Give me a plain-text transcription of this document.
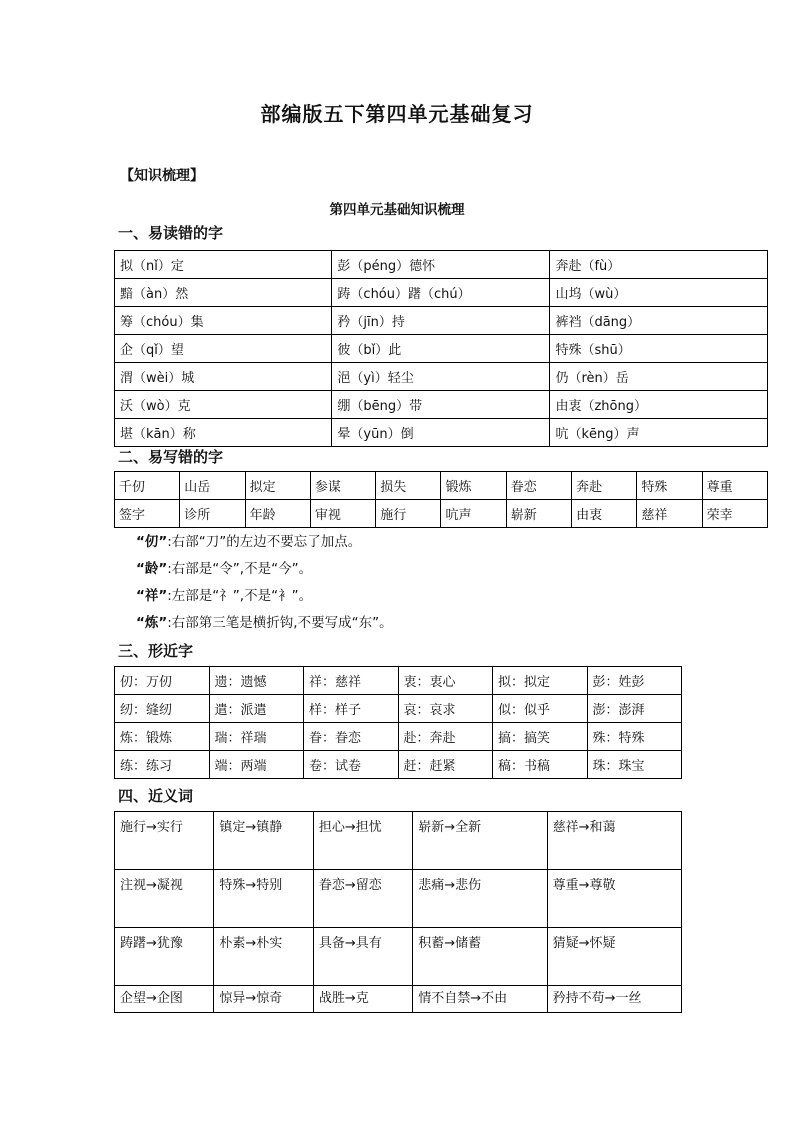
部编版五下第四单元基础复习
【知识梳理】
第四单元基础知识梳理
一、易读错的字
拟（nǐ）定	彭（péng）德怀	奔赴（fù）
黯（àn）然	踌（chóu）躇（chú）	山坞（wù）
筹（chóu）集	矜（jīn）持	裤裆（dāng）
企（qǐ）望	彼（bǐ）此	特殊（shū）
渭（wèi）城	浥（yì）轻尘	仍（rèn）岳
沃（wò）克	绷（bēng）带	由衷（zhōng）
堪（kān）称	晕（yūn）倒	吭（kēng）声
二、易写错的字
千仞	山岳	拟定	参谋	损失	锻炼	眷恋	奔赴	特殊	尊重
签字	诊所	年龄	审视	施行	吭声	崭新	由衷	慈祥	荣幸
“仞”:右部“刀”的左边不要忘了加点。
“龄”:右部是“令”,不是“今”。
“祥”:左部是“礻”,不是“衤”。
“炼”:右部第三笔是横折钩,不要写成“东”。
三、形近字
仞：万仞	遗：遗憾	祥：慈祥	衷：衷心	拟：拟定	彭：姓彭
纫：缝纫	遣：派遣	样：样子	哀：哀求	似：似乎	澎：澎湃
炼：锻炼	瑞：祥瑞	眷：眷恋	赴：奔赴	搞：搞笑	殊：特殊
练：练习	端：两端	卷：试卷	赶：赶紧	稿：书稿	珠：珠宝
四、近义词
施行→实行	镇定→镇静	担心→担忧	崭新→全新	慈祥→和蔼
注视→凝视	特殊→特别	眷恋→留恋	悲痛→悲伤	尊重→尊敬
踌躇→犹豫	朴素→朴实	具备→具有	积蓄→储蓄	猜疑→怀疑
企望→企图	惊异→惊奇	战胜→克	情不自禁→不由	矜持不苟→一丝
